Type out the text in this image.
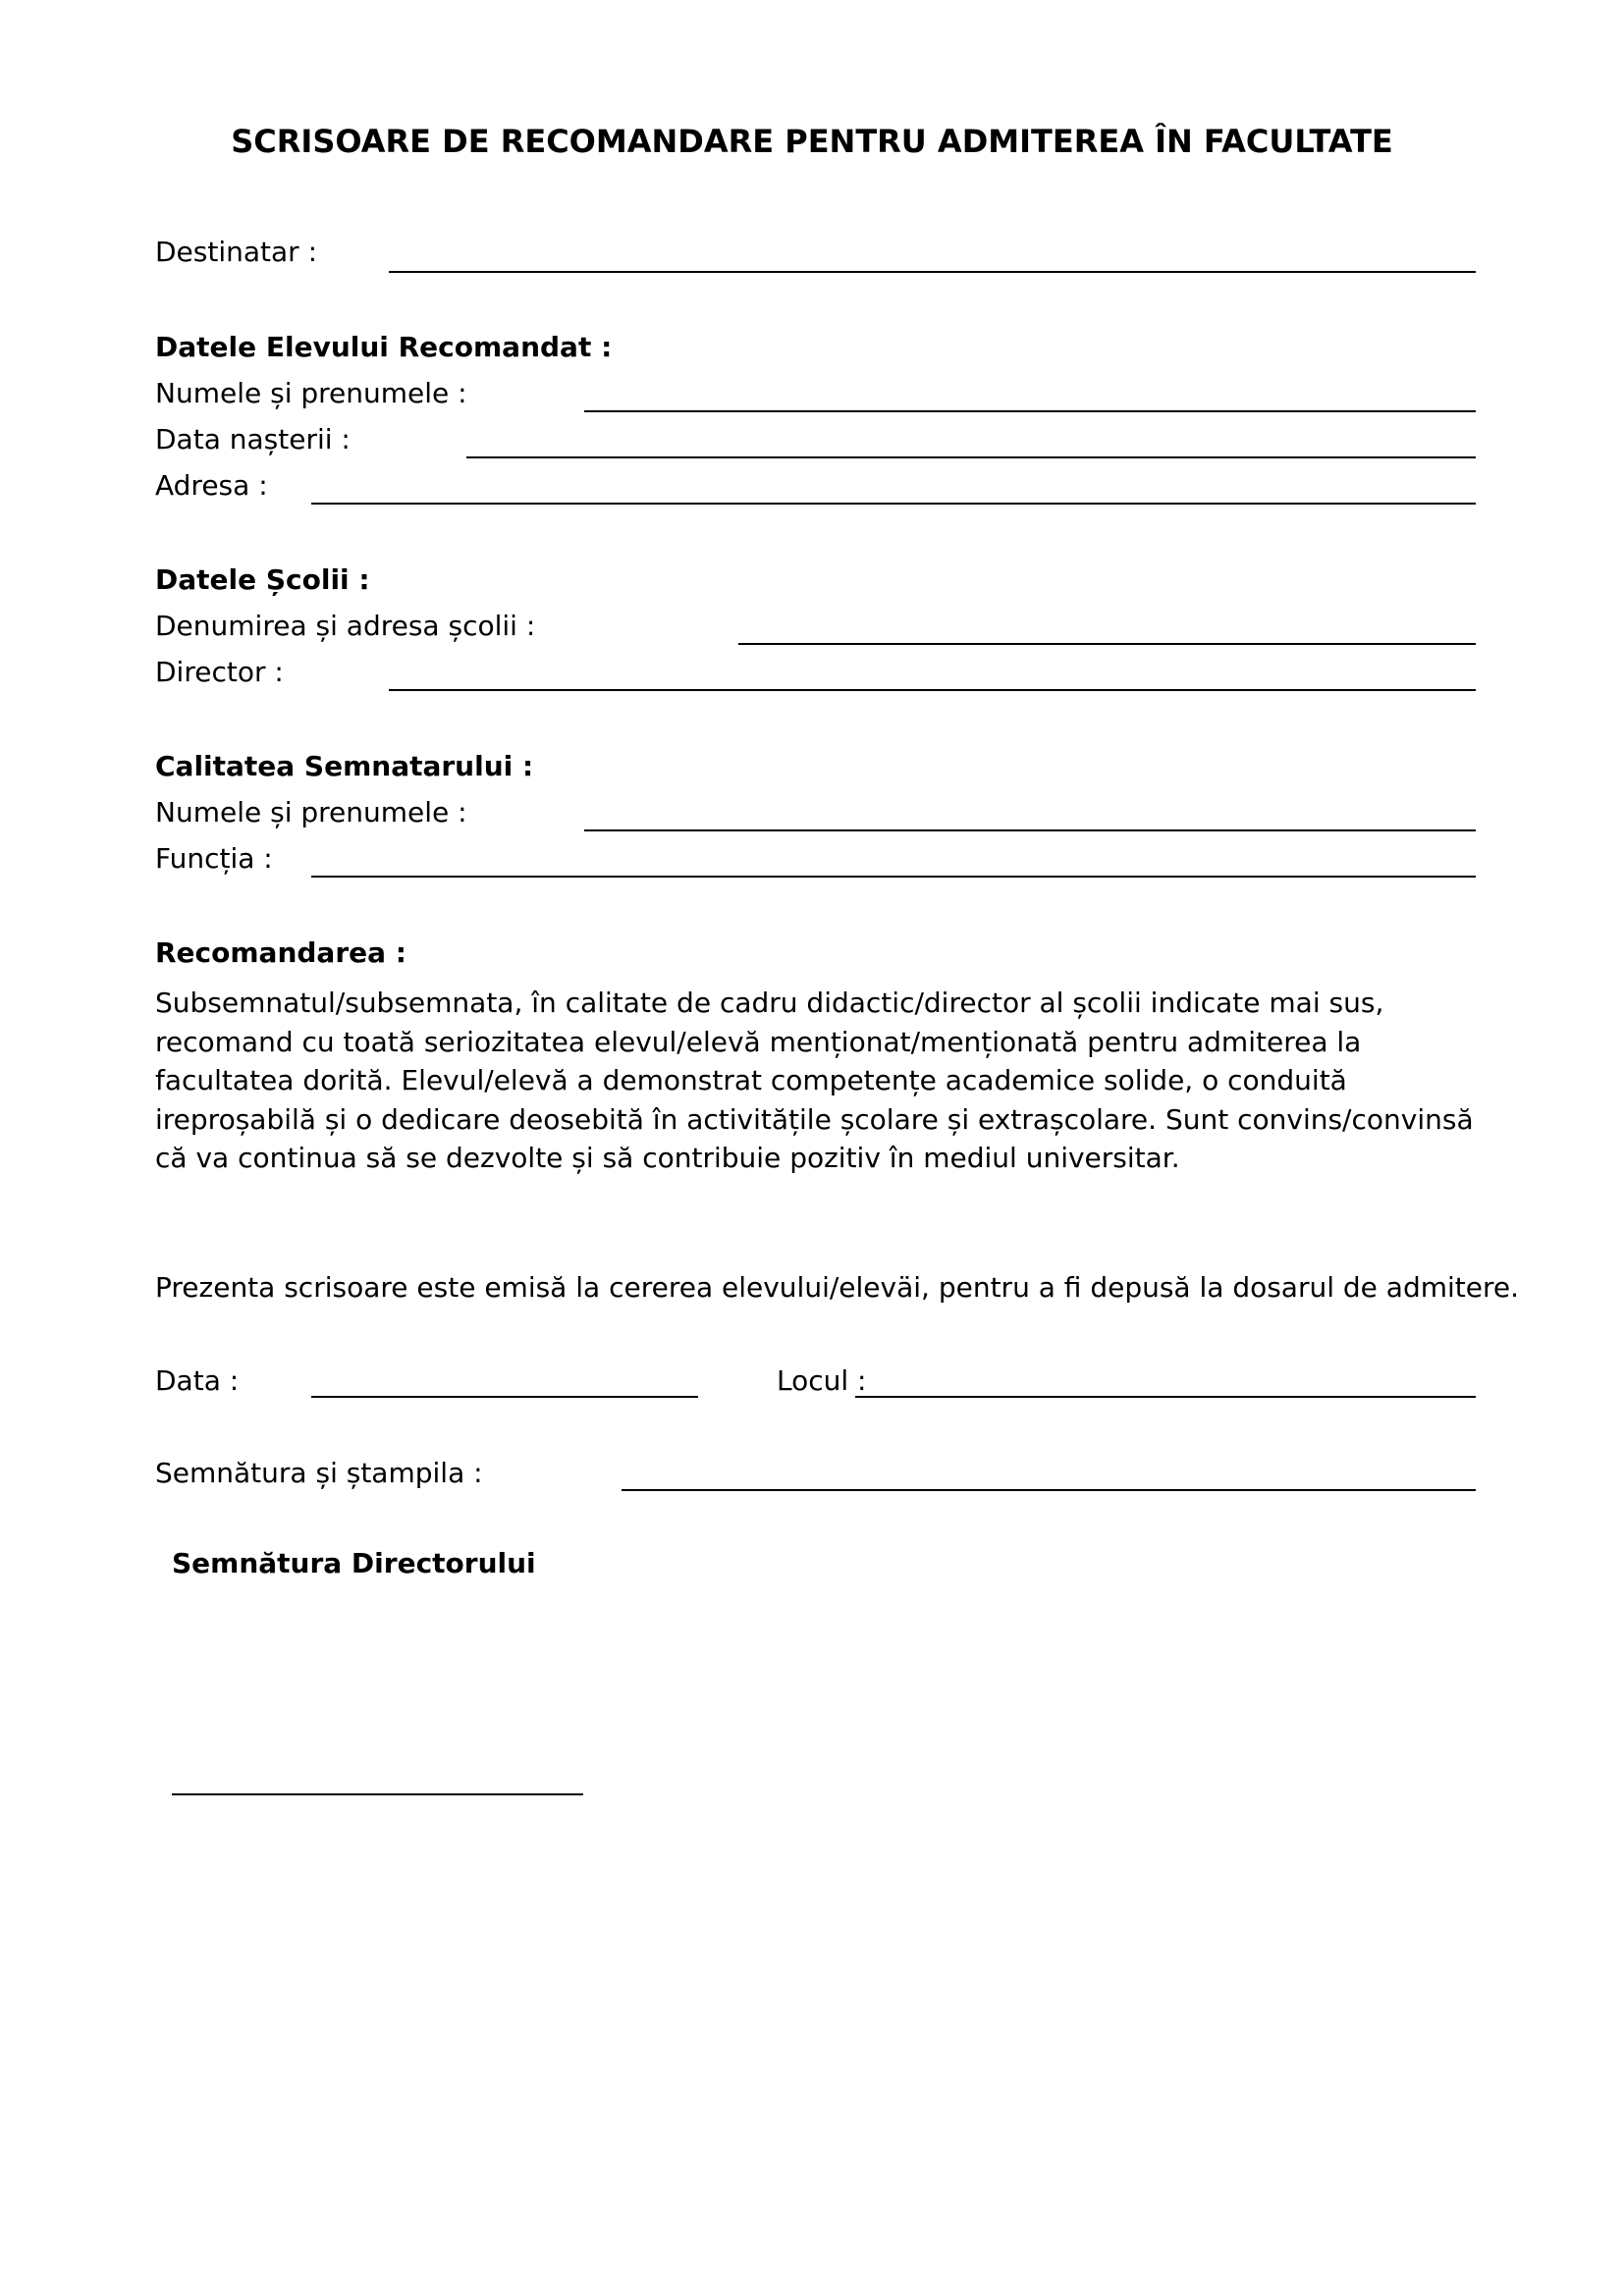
SCRISOARE DE RECOMANDARE PENTRU ADMITEREA ÎN FACULTATE
Destinatar :
Datele Elevului Recomandat :
Numele și prenumele :
Data nașterii :
Adresa :
Datele Școlii :
Denumirea și adresa școlii :
Director :
Calitatea Semnatarului :
Numele și prenumele :
Funcția :
Recomandarea :
Subsemnatul/subsemnata, în calitate de cadru didactic/director al școlii indicate mai sus,
recomand cu toată seriozitatea elevul/elevă menționat/menționată pentru admiterea la
facultatea dorită. Elevul/elevă a demonstrat competențe academice solide, o conduită
ireproșabilă și o dedicare deosebită în activitățile școlare și extrașcolare. Sunt convins/convinsă
că va continua să se dezvolte și să contribuie pozitiv în mediul universitar.
Prezenta scrisoare este emisă la cererea elevului/eleväi, pentru a fi depusă la dosarul de admitere.
Data :	Locul :
Semnătura și ștampila :
Semnătura Directorului
